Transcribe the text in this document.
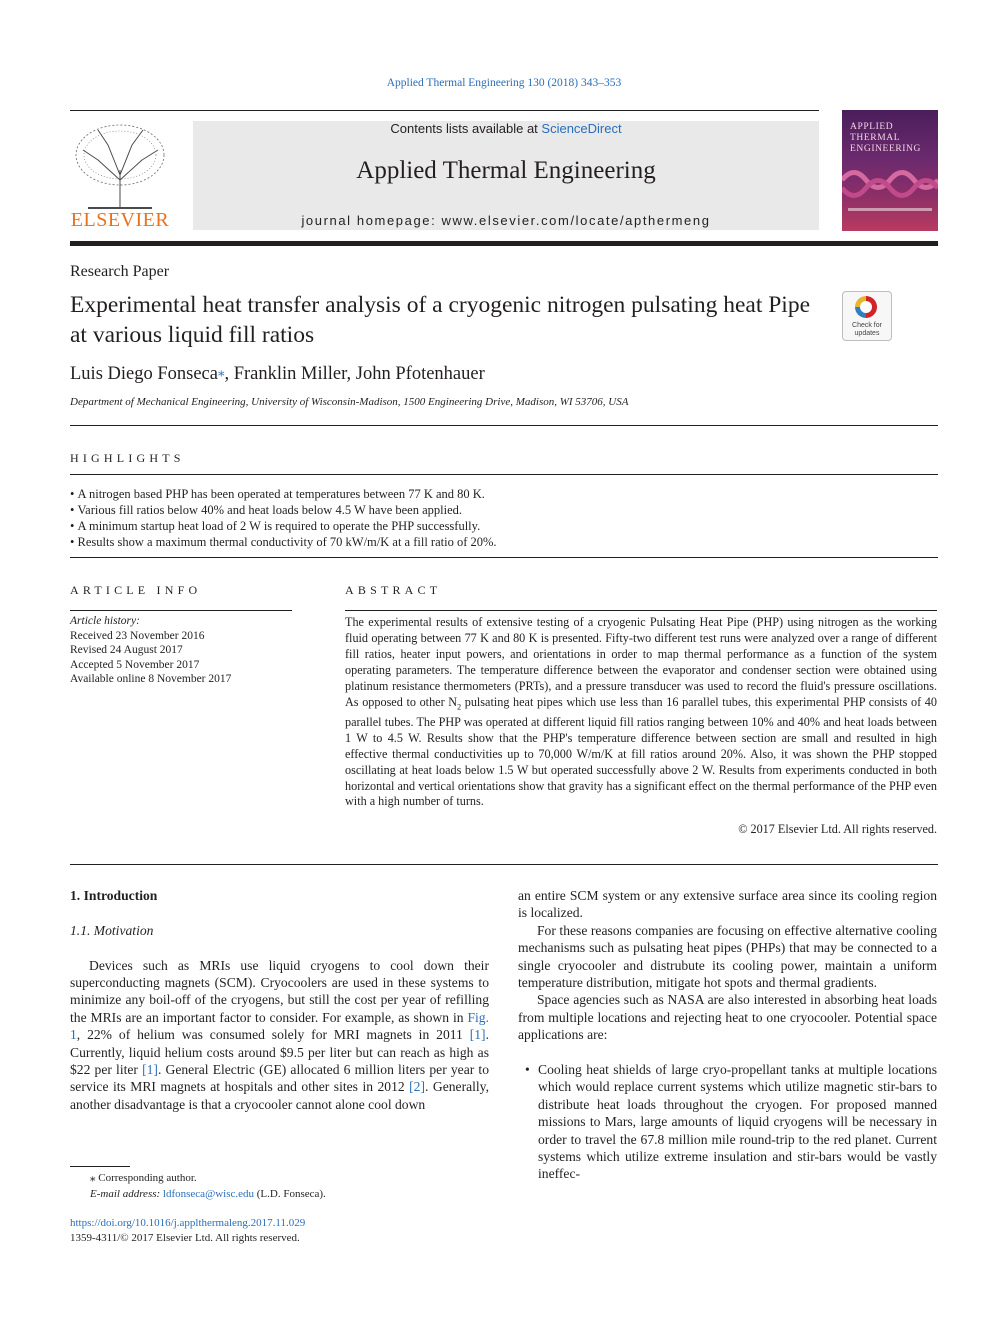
Applied Thermal Engineering 130 (2018) 343–353
ELSEVIER
Contents lists available at ScienceDirect
Applied Thermal Engineering
journal homepage: www.elsevier.com/locate/apthermeng
APPLIED
THERMAL
ENGINEERING
Research Paper
Experimental heat transfer analysis of a cryogenic nitrogen pulsating heat Pipe at various liquid fill ratios	Check for updates
Luis Diego Fonseca⁎, Franklin Miller, John Pfotenhauer
Department of Mechanical Engineering, University of Wisconsin-Madison, 1500 Engineering Drive, Madison, WI 53706, USA
HIGHLIGHTS
• A nitrogen based PHP has been operated at temperatures between 77 K and 80 K.
• Various fill ratios below 40% and heat loads below 4.5 W have been applied.
• A minimum startup heat load of 2 W is required to operate the PHP successfully.
• Results show a maximum thermal conductivity of 70 kW/m/K at a fill ratio of 20%.
ARTICLE INFO
Article history:
Received 23 November 2016
Revised 24 August 2017
Accepted 5 November 2017
Available online 8 November 2017
ABSTRACT
The experimental results of extensive testing of a cryogenic Pulsating Heat Pipe (PHP) using nitrogen as the working fluid operating between 77 K and 80 K is presented. Fifty-two different test runs were analyzed over a range of different fill ratios, heater input powers, and orientations in order to map thermal performance as a function of the system operating parameters. The temperature difference between the evaporator and condenser section were obtained using platinum resistance thermometers (PRTs), and a pressure transducer was used to record the fluid's pressure oscillations. As opposed to other $N_2$ pulsating heat pipes which use less than 16 parallel tubes, this experimental PHP consists of 40 parallel tubes. The PHP was operated at different liquid fill ratios ranging between 10% and 40% and heat loads between 1 W to 4.5 W. Results show that the PHP's temperature difference between section are small and resulted in high effective thermal conductivities up to 70,000 W/m/K at fill ratios around 20%. Also, it was shown the PHP stopped oscillating at heat loads below 1.5 W but operated successfully above 2 W. Results from experiments conducted in both horizontal and vertical orientations show that gravity has a significant effect on the thermal performance of the PHP even with a high number of turns.
© 2017 Elsevier Ltd. All rights reserved.
1. Introduction
1.1. Motivation

Devices such as MRIs use liquid cryogens to cool down their superconducting magnets (SCM). Cryocoolers are used in these systems to minimize any boil-off of the cryogens, but still the cost per year of refilling the MRIs are an important factor to consider. For example, as shown in Fig. 1, 22% of helium was consumed solely for MRI magnets in 2011 [1]. Currently, liquid helium costs around $9.5 per liter but can reach as high as $22 per liter [1]. General Electric (GE) allocated 6 million liters per year to service its MRI magnets at hospitals and other sites in 2012 [2]. Generally, another disadvantage is that a cryocooler cannot alone cool down

an entire SCM system or any extensive surface area since its cooling region is localized.

For these reasons companies are focusing on effective alternative cooling mechanisms such as pulsating heat pipes (PHPs) that may be connected to a single cryocooler and distrubute its cooling power, maintain a uniform temperature distribution, mitigate hot spots and thermal gradients.

Space agencies such as NASA are also interested in absorbing heat loads from multiple locations and rejecting heat to one cryocooler. Potential space applications are:

• Cooling heat shields of large cryo-propellant tanks at multiple locations which would replace current systems which utilize magnetic stir-bars to distribute heat loads throughout the cryogen. For proposed manned missions to Mars, large amounts of liquid cryogens will be necessary in order to travel the 67.8 million mile round-trip to the red planet. Current systems which utilize extreme insulation and stir-bars would be vastly ineffec-
⁎ Corresponding author.
E-mail address: ldfonseca@wisc.edu (L.D. Fonseca).
https://doi.org/10.1016/j.applthermaleng.2017.11.029
1359-4311/© 2017 Elsevier Ltd. All rights reserved.
